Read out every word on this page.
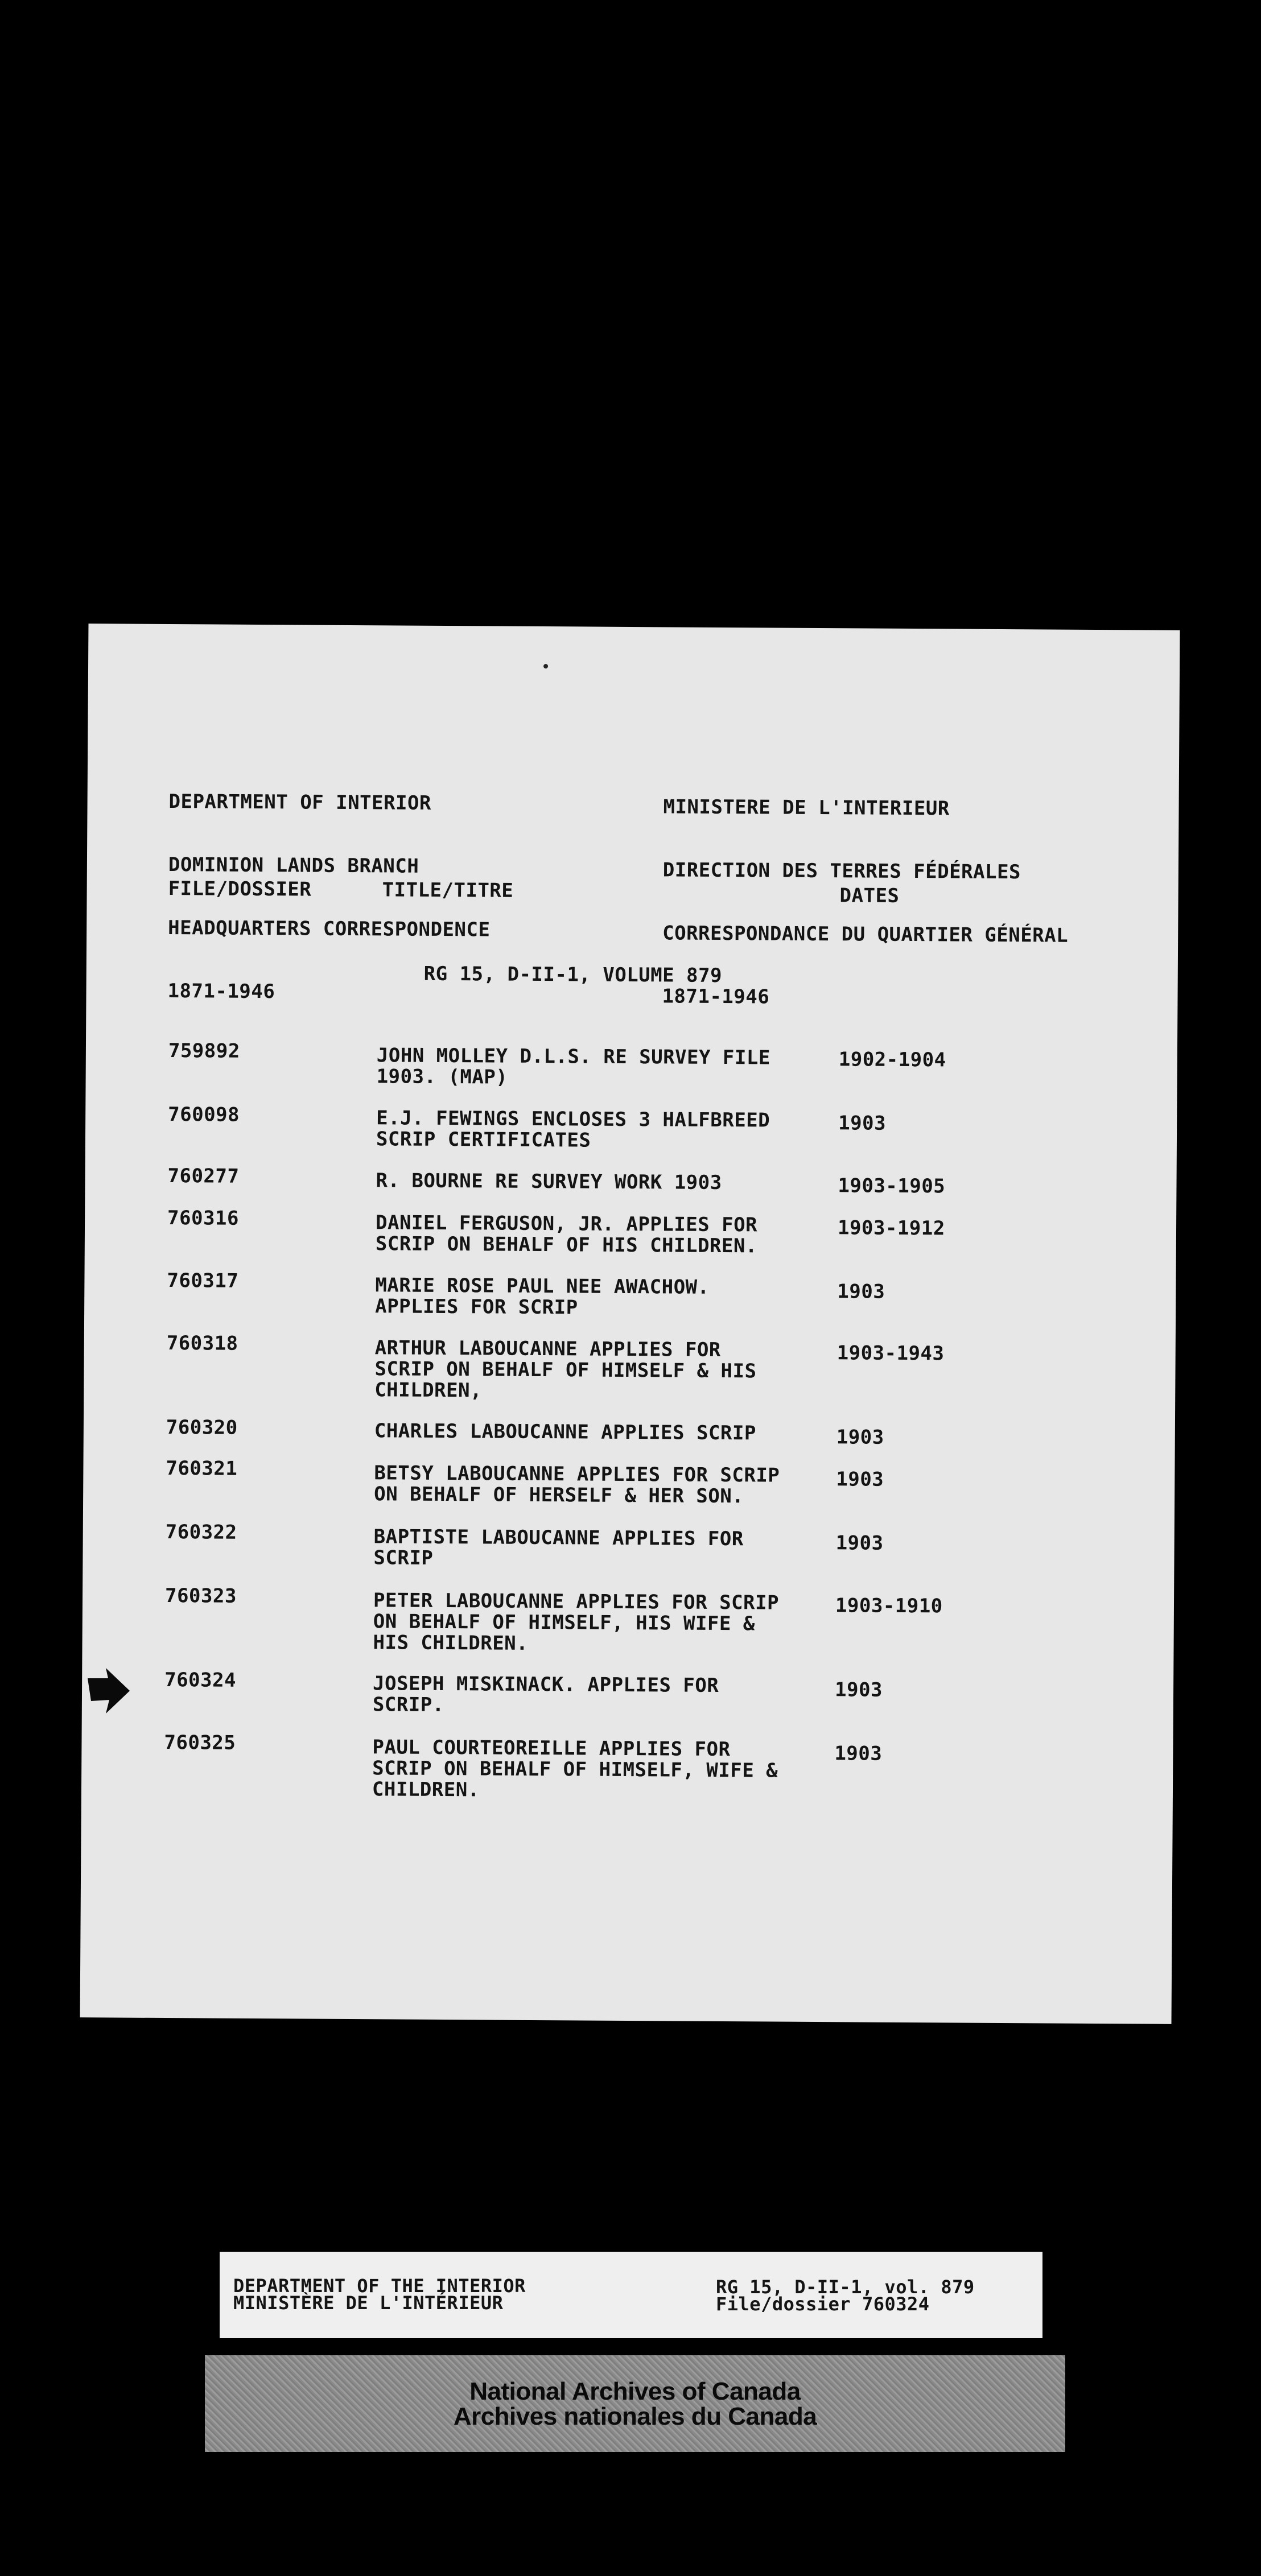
DEPARTMENT OF INTERIOR

DOMINION LANDS BRANCH

HEADQUARTERS CORRESPONDENCE

1871-1946

MINISTERE DE L'INTERIEUR

DIRECTION DES TERRES FÉDÉRALES

CORRESPONDANCE DU QUARTIER GÉNÉRAL

1871-1946

FILE/DOSSIER	TITLE/TITRE	DATES
RG 15, D-II-1, VOLUME 879
759892	JOHN MOLLEY D.L.S. RE SURVEY FILE
1903. (MAP)
1902-1904
760098	E.J. FEWINGS ENCLOSES 3 HALFBREED
SCRIP CERTIFICATES
1903
760277	R. BOURNE RE SURVEY WORK 1903	1903-1905
760316	DANIEL FERGUSON, JR. APPLIES FOR
SCRIP ON BEHALF OF HIS CHILDREN.
1903-1912
760317	MARIE ROSE PAUL NEE AWACHOW.
APPLIES FOR SCRIP
1903
760318	ARTHUR LABOUCANNE APPLIES FOR
SCRIP ON BEHALF OF HIMSELF & HIS
CHILDREN,
1903-1943
760320	CHARLES LABOUCANNE APPLIES SCRIP	1903
760321	BETSY LABOUCANNE APPLIES FOR SCRIP
ON BEHALF OF HERSELF & HER SON.
1903
760322	BAPTISTE LABOUCANNE APPLIES FOR
SCRIP
1903
760323	PETER LABOUCANNE APPLIES FOR SCRIP
ON BEHALF OF HIMSELF, HIS WIFE &
HIS CHILDREN.
1903-1910
760324	JOSEPH MISKINACK. APPLIES FOR
SCRIP.
1903
760325	PAUL COURTEOREILLE APPLIES FOR
SCRIP ON BEHALF OF HIMSELF, WIFE &
CHILDREN.
1903
DEPARTMENT OF THE INTERIOR
MINISTÈRE DE L'INTÉRIEUR
RG 15, D-II-1, vol. 879
File/dossier 760324
National Archives of Canada
Archives nationales du Canada
